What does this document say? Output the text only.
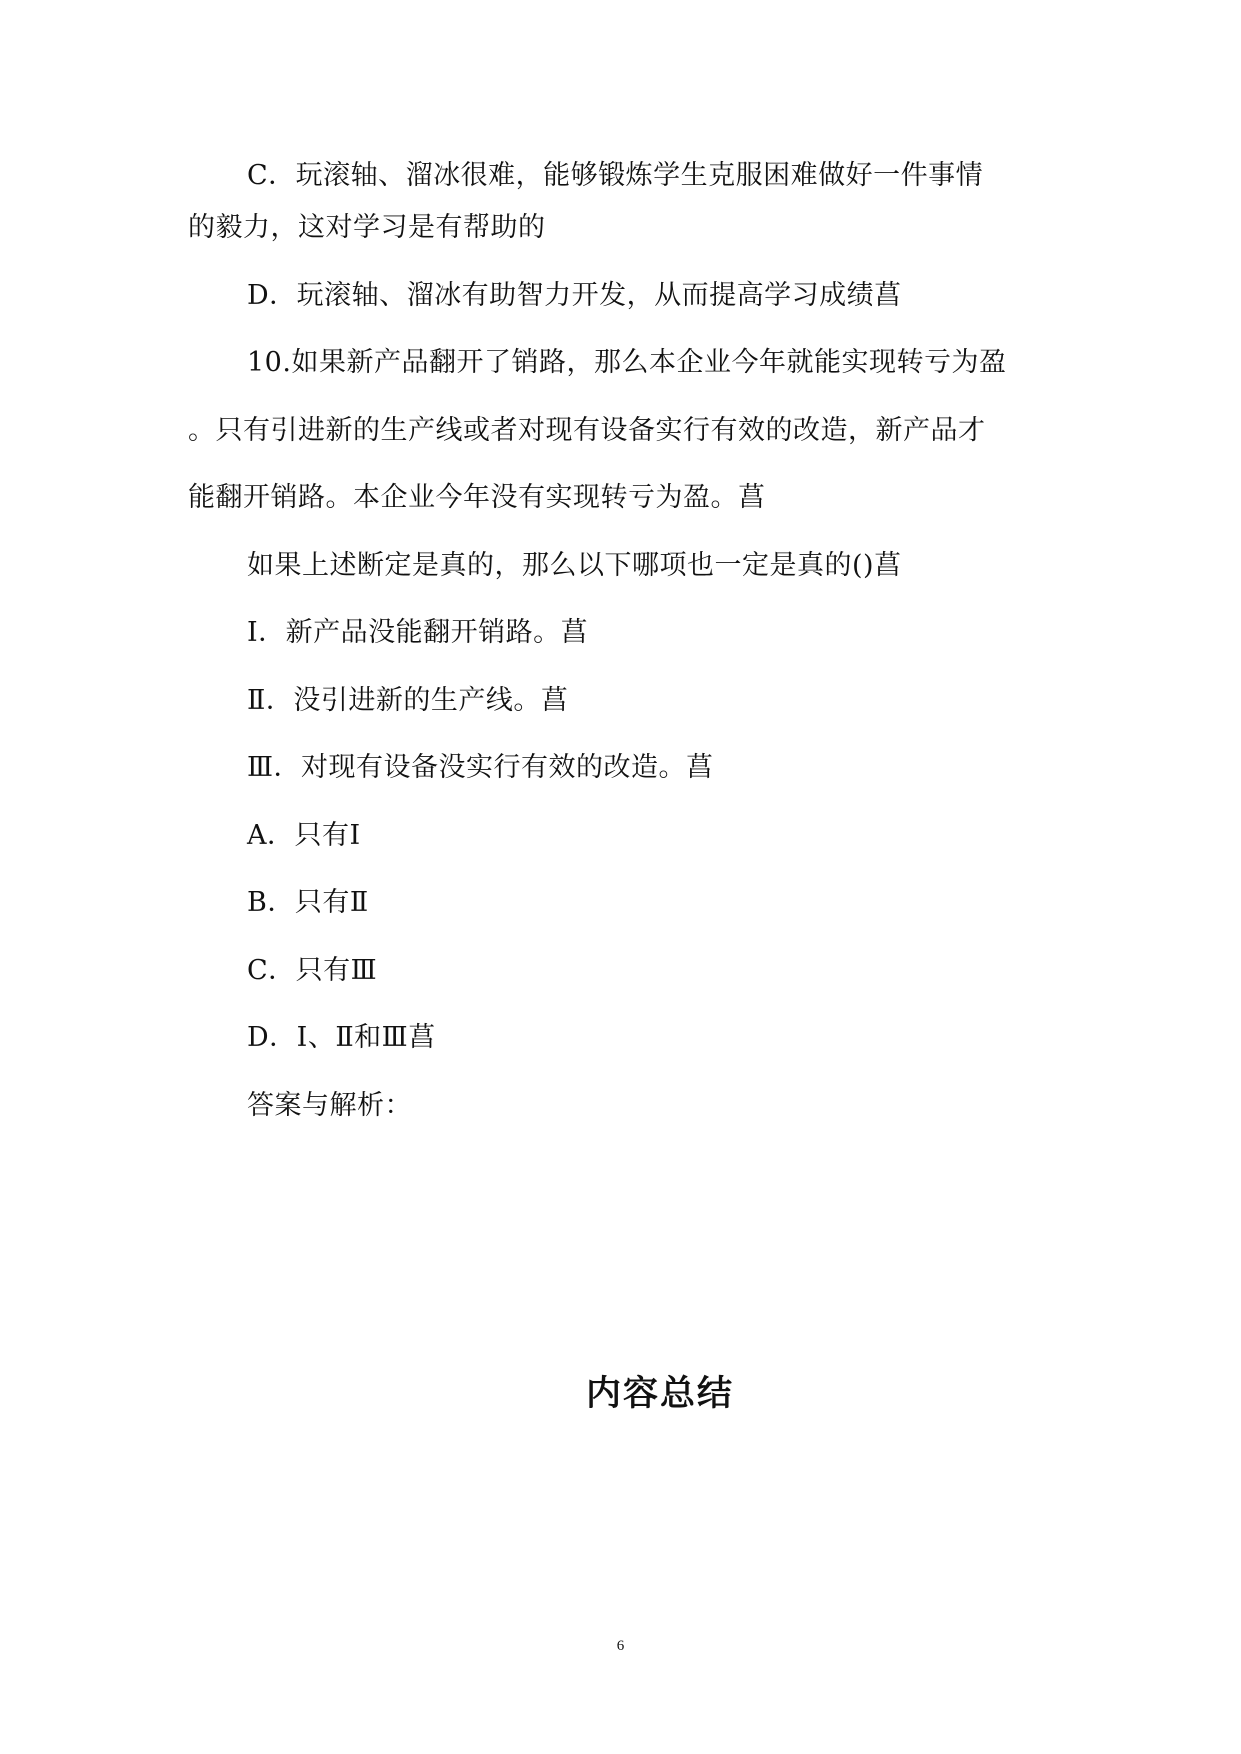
C．玩滚轴、溜冰很难，能够锻炼学生克服困难做好一件事情
的毅力，这对学习是有帮助的
D．玩滚轴、溜冰有助智力开发，从而提高学习成绩菖
10.如果新产品翻开了销路，那么本企业今年就能实现转亏为盈
。只有引进新的生产线或者对现有设备实行有效的改造，新产品才
能翻开销路。本企业今年没有实现转亏为盈。菖
如果上述断定是真的，那么以下哪项也一定是真的()菖
Ⅰ．新产品没能翻开销路。菖
Ⅱ．没引进新的生产线。菖
Ⅲ．对现有设备没实行有效的改造。菖
A．只有Ⅰ
B．只有Ⅱ
C．只有Ⅲ
D．Ⅰ、Ⅱ和Ⅲ菖
答案与解析：
内容总结
6
